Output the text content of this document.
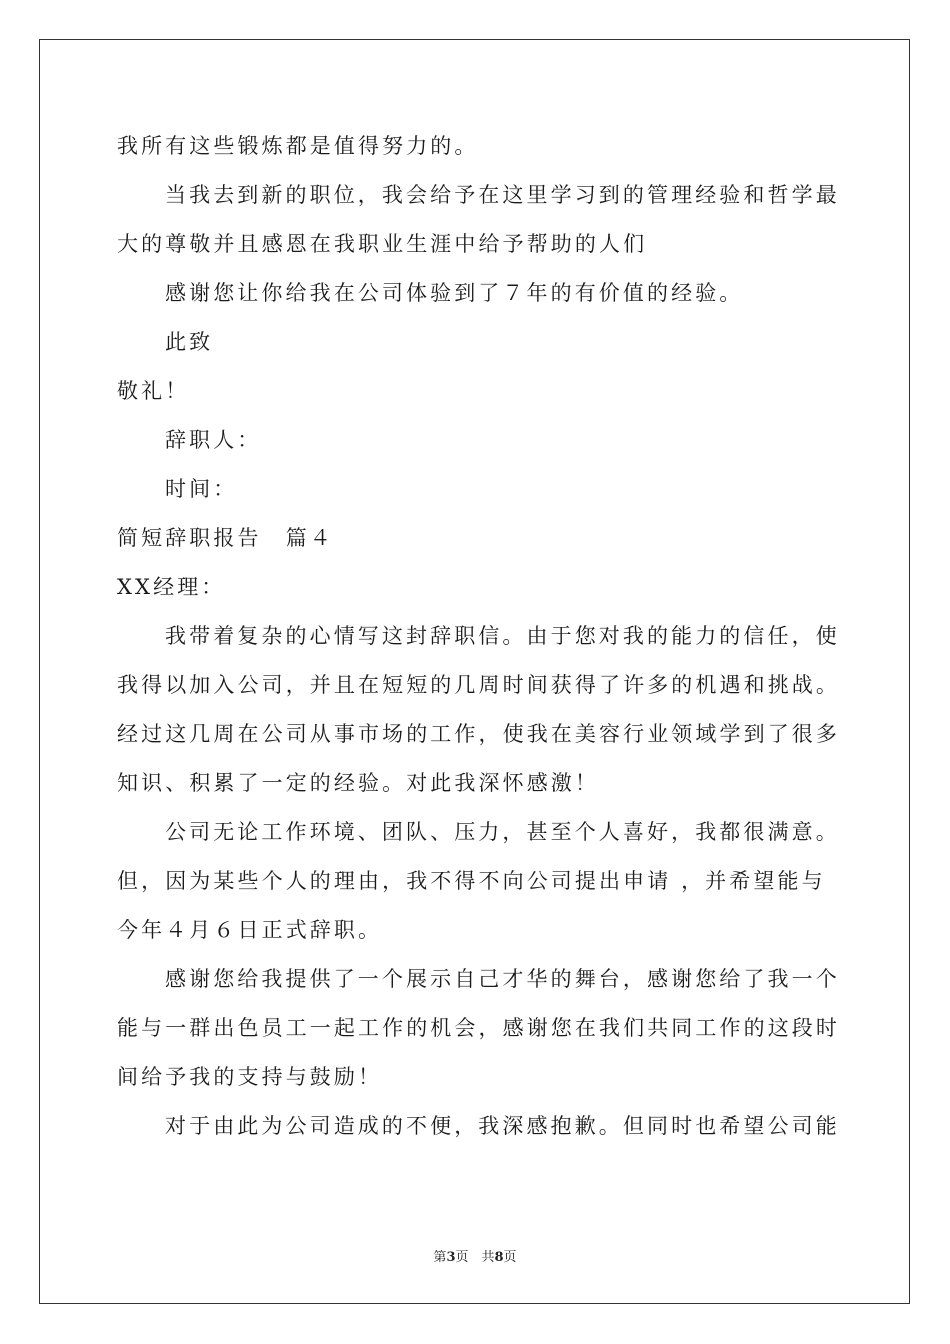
我所有这些锻炼都是值得努力的。
当我去到新的职位，我会给予在这里学习到的管理经验和哲学最
大的尊敬并且感恩在我职业生涯中给予帮助的人们
感谢您让你给我在公司体验到了７年的有价值的经验。
此致
敬礼！
辞职人：
时间：
简短辞职报告　篇４
XX经理：
我带着复杂的心情写这封辞职信。由于您对我的能力的信任，使
我得以加入公司，并且在短短的几周时间获得了许多的机遇和挑战。
经过这几周在公司从事市场的工作，使我在美容行业领域学到了很多
知识、积累了一定的经验。对此我深怀感激！
公司无论工作环境、团队、压力，甚至个人喜好，我都很满意。
但，因为某些个人的理由，我不得不向公司提出申请 ，并希望能与
今年４月６日正式辞职。
感谢您给我提供了一个展示自己才华的舞台，感谢您给了我一个
能与一群出色员工一起工作的机会，感谢您在我们共同工作的这段时
间给予我的支持与鼓励！
对于由此为公司造成的不便，我深感抱歉。但同时也希望公司能
第3页　共8页
